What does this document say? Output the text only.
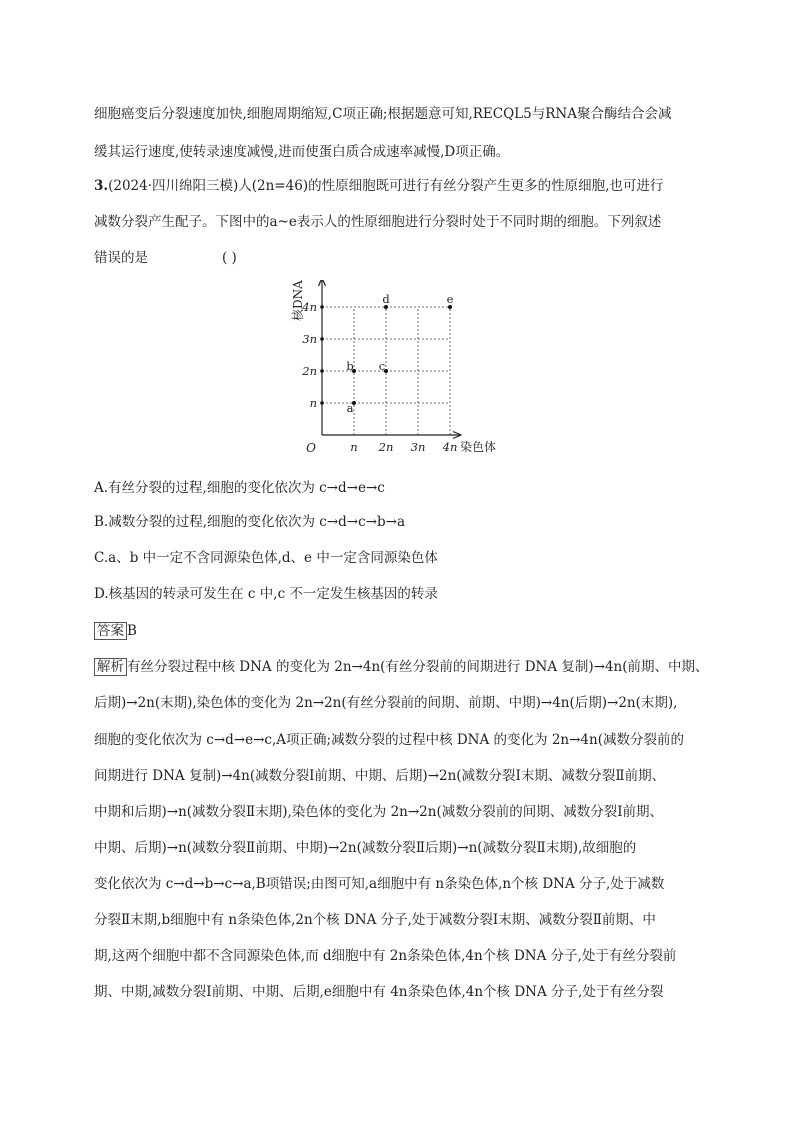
细胞癌变后分裂速度加快,细胞周期缩短,C项正确;根据题意可知,RECQL5与RNA聚合酶结合会减
缓其运行速度,使转录速度减慢,进而使蛋白质合成速率减慢,D项正确。
3.(2024·四川绵阳三模)人(2n=46)的性原细胞既可进行有丝分裂产生更多的性原细胞,也可进行
减数分裂产生配子。下图中的a~e表示人的性原细胞进行分裂时处于不同时期的细胞。下列叙述
错误的是	( )
O	染色体
核DNA
n 2n 3n 4n
n
2n
3n
4n
a
b c
d	e
A.有丝分裂的过程,细胞的变化依次为 c→d→e→c
B.减数分裂的过程,细胞的变化依次为 c→d→c→b→a
C.a、b 中一定不含同源染色体,d、e 中一定含同源染色体
D.核基因的转录可发生在 c 中,c 不一定发生核基因的转录
答案 B
解析 有丝分裂过程中核 DNA 的变化为 2n→4n(有丝分裂前的间期进行 DNA 复制)→4n(前期、中期、
后期)→2n(末期),染色体的变化为 2n→2n(有丝分裂前的间期、前期、中期)→4n(后期)→2n(末期),
细胞的变化依次为 c→d→e→c,A项正确;减数分裂的过程中核 DNA 的变化为 2n→4n(减数分裂前的
间期进行 DNA 复制)→4n(减数分裂Ⅰ前期、中期、后期)→2n(减数分裂Ⅰ末期、减数分裂Ⅱ前期、
中期和后期)→n(减数分裂Ⅱ末期),染色体的变化为 2n→2n(减数分裂前的间期、减数分裂Ⅰ前期、
中期、后期)→n(减数分裂Ⅱ前期、中期)→2n(减数分裂Ⅱ后期)→n(减数分裂Ⅱ末期),故细胞的
变化依次为 c→d→b→c→a,B项错误;由图可知,a细胞中有 n条染色体,n个核 DNA 分子,处于减数
分裂Ⅱ末期,b细胞中有 n条染色体,2n个核 DNA 分子,处于减数分裂Ⅰ末期、减数分裂Ⅱ前期、中
期,这两个细胞中都不含同源染色体,而 d细胞中有 2n条染色体,4n个核 DNA 分子,处于有丝分裂前
期、中期,减数分裂Ⅰ前期、中期、后期,e细胞中有 4n条染色体,4n个核 DNA 分子,处于有丝分裂
